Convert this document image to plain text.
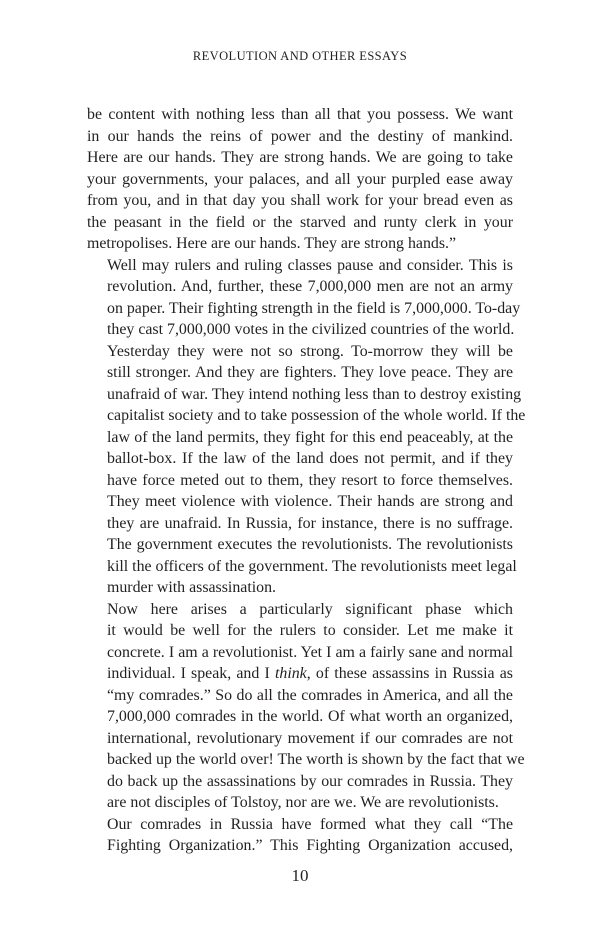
REVOLUTION AND OTHER ESSAYS

be content with nothing less than all that you possess. We want
in our hands the reins of power and the destiny of mankind.
Here are our hands. They are strong hands. We are going to take
your governments, your palaces, and all your purpled ease away
from you, and in that day you shall work for your bread even as
the peasant in the field or the starved and runty clerk in your
metropolises. Here are our hands. They are strong hands.”

Well may rulers and ruling classes pause and consider. This is
revolution. And, further, these 7,000,000 men are not an army
on paper. Their fighting strength in the field is 7,000,000. To-day
they cast 7,000,000 votes in the civilized countries of the world.

Yesterday they were not so strong. To-morrow they will be
still stronger. And they are fighters. They love peace. They are
unafraid of war. They intend nothing less than to destroy existing
capitalist society and to take possession of the whole world. If the
law of the land permits, they fight for this end peaceably, at the
ballot-box. If the law of the land does not permit, and if they
have force meted out to them, they resort to force themselves.
They meet violence with violence. Their hands are strong and
they are unafraid. In Russia, for instance, there is no suffrage.
The government executes the revolutionists. The revolutionists
kill the officers of the government. The revolutionists meet legal
murder with assassination.

Now here arises a particularly significant phase which
it would be well for the rulers to consider. Let me make it
concrete. I am a revolutionist. Yet I am a fairly sane and normal
individual. I speak, and I think, of these assassins in Russia as
“my comrades.” So do all the comrades in America, and all the
7,000,000 comrades in the world. Of what worth an organized,
international, revolutionary movement if our comrades are not
backed up the world over! The worth is shown by the fact that we
do back up the assassinations by our comrades in Russia. They
are not disciples of Tolstoy, nor are we. We are revolutionists.

Our comrades in Russia have formed what they call “The
Fighting Organization.” This Fighting Organization accused,

10
